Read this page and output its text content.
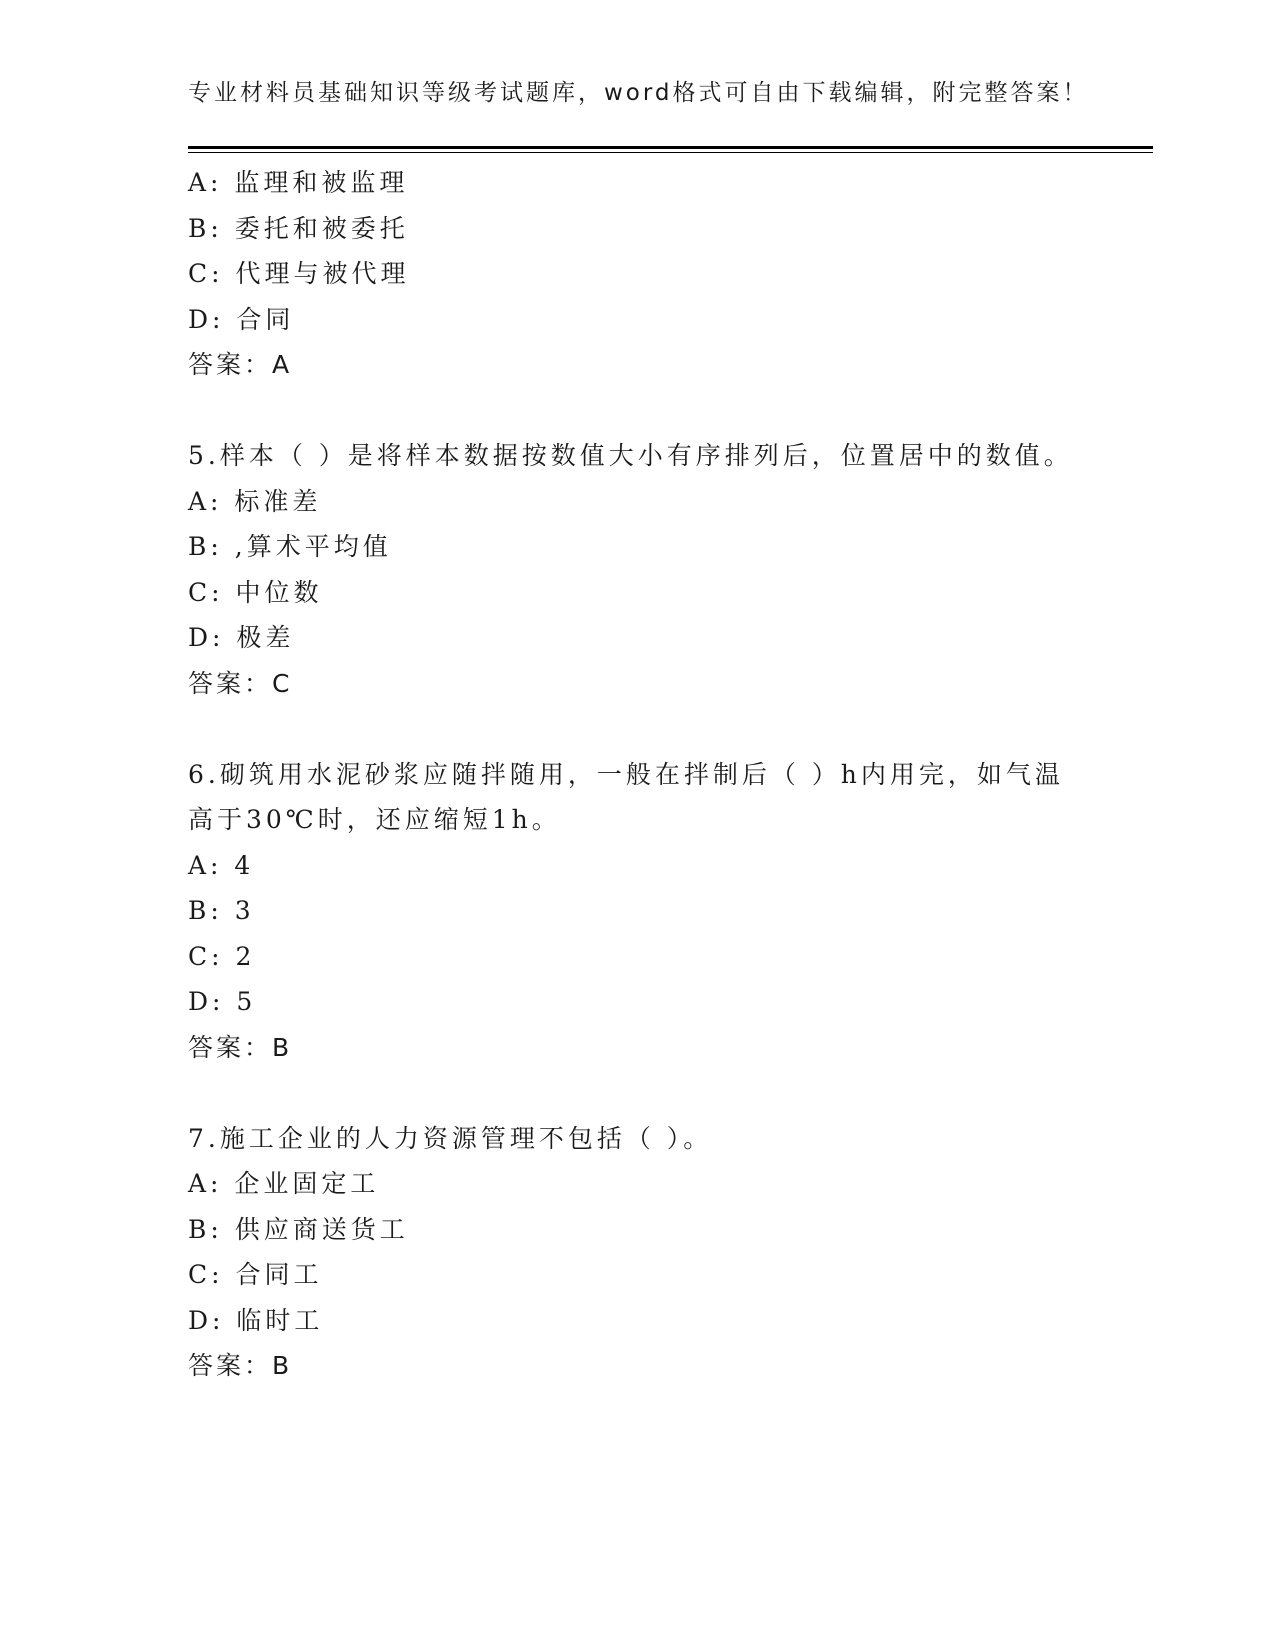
专业材料员基础知识等级考试题库，word格式可自由下载编辑，附完整答案！
A: 监理和被监理
B: 委托和被委托
C: 代理与被代理
D: 合同
答案：A
5.样本（ ）是将样本数据按数值大小有序排列后，位置居中的数值。
A: 标准差
B: ,算术平均值
C: 中位数
D: 极差
答案：C
6.砌筑用水泥砂浆应随拌随用，一般在拌制后（ ）h内用完，如气温
高于30℃时，还应缩短1h。
A: 4
B: 3
C: 2
D: 5
答案：B
7.施工企业的人力资源管理不包括（ ）。
A: 企业固定工
B: 供应商送货工
C: 合同工
D: 临时工
答案：B
